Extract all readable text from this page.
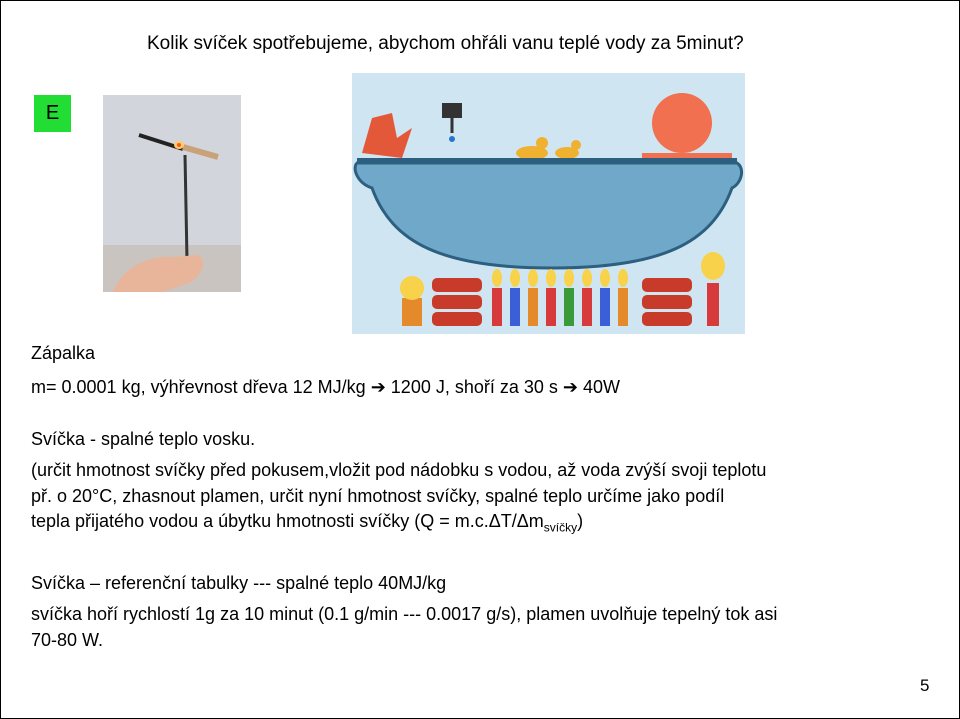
Kolik svíček spotřebujeme, abychom ohřáli vanu teplé vody za 5minut?
E
Zápalka
m= 0.0001 kg, výhřevnost dřeva 12 MJ/kg ➔ 1200 J, shoří za 30 s ➔ 40W
Svíčka - spalné teplo vosku.
(určit hmotnost svíčky před pokusem,vložit pod nádobku s vodou, až voda zvýší svoji teplotu
př. o 20°C, zhasnout plamen, určit nyní hmotnost svíčky, spalné teplo určíme jako podíl
tepla přijatého vodou a úbytku hmotnosti svíčky $(Q = m.c.\Delta T/\Delta m_{svíčky})$
Svíčka – referenční tabulky --- spalné teplo 40MJ/kg
svíčka hoří rychlostí 1g za 10 minut (0.1 g/min --- 0.0017 g/s), plamen uvolňuje tepelný tok asi
70-80 W.
5
